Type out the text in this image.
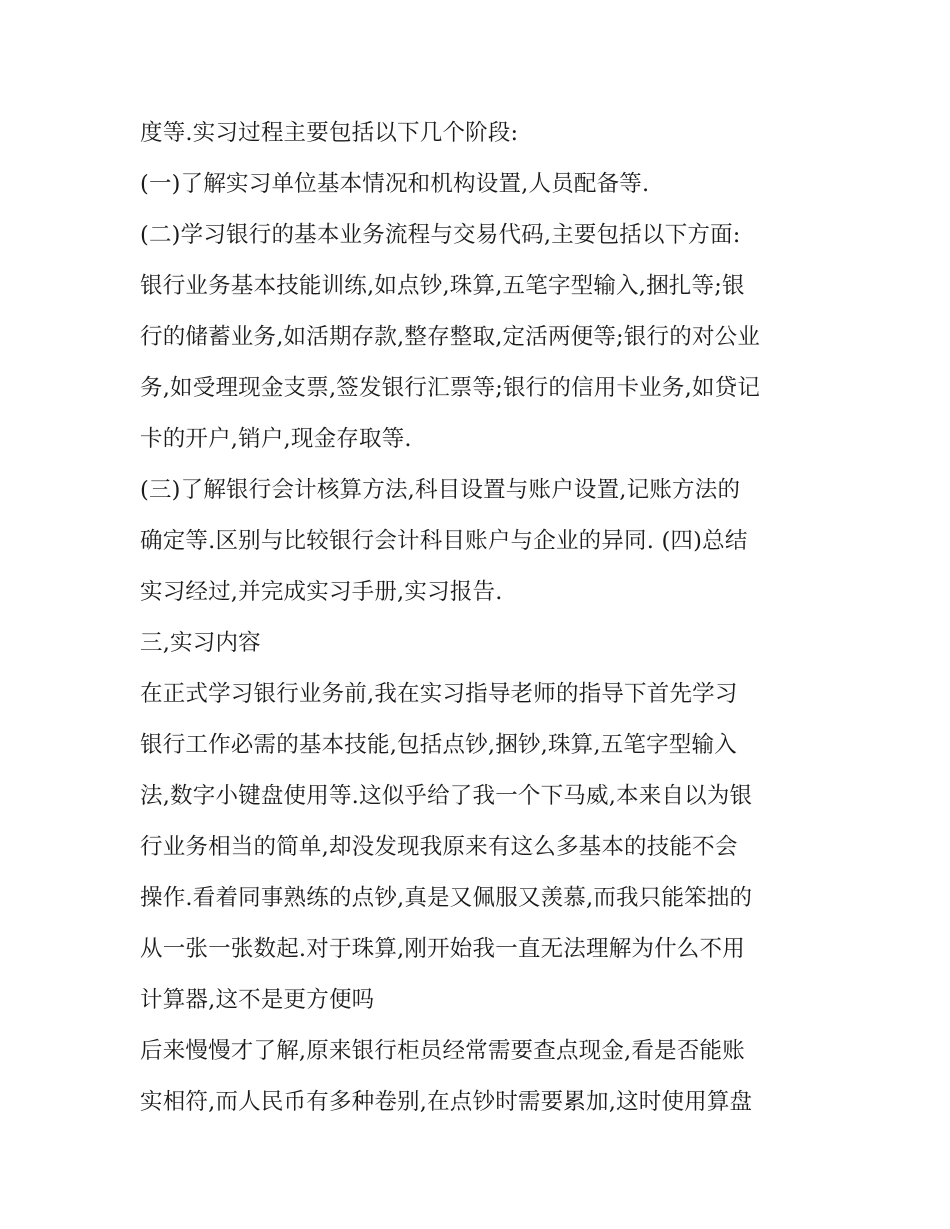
度等.实习过程主要包括以下几个阶段:
(一)了解实习单位基本情况和机构设置,人员配备等.
(二)学习银行的基本业务流程与交易代码,主要包括以下方面:
银行业务基本技能训练,如点钞,珠算,五笔字型输入,捆扎等;银
行的储蓄业务,如活期存款,整存整取,定活两便等;银行的对公业
务,如受理现金支票,签发银行汇票等;银行的信用卡业务,如贷记
卡的开户,销户,现金存取等.
(三)了解银行会计核算方法,科目设置与账户设置,记账方法的
确定等.区别与比较银行会计科目账户与企业的异同. (四)总结
实习经过,并完成实习手册,实习报告.
三,实习内容
在正式学习银行业务前,我在实习指导老师的指导下首先学习
银行工作必需的基本技能,包括点钞,捆钞,珠算,五笔字型输入
法,数字小键盘使用等.这似乎给了我一个下马威,本来自以为银
行业务相当的简单,却没发现我原来有这么多基本的技能不会
操作.看着同事熟练的点钞,真是又佩服又羡慕,而我只能笨拙的
从一张一张数起.对于珠算,刚开始我一直无法理解为什么不用
计算器,这不是更方便吗
后来慢慢才了解,原来银行柜员经常需要查点现金,看是否能账
实相符,而人民币有多种卷别,在点钞时需要累加,这时使用算盘
